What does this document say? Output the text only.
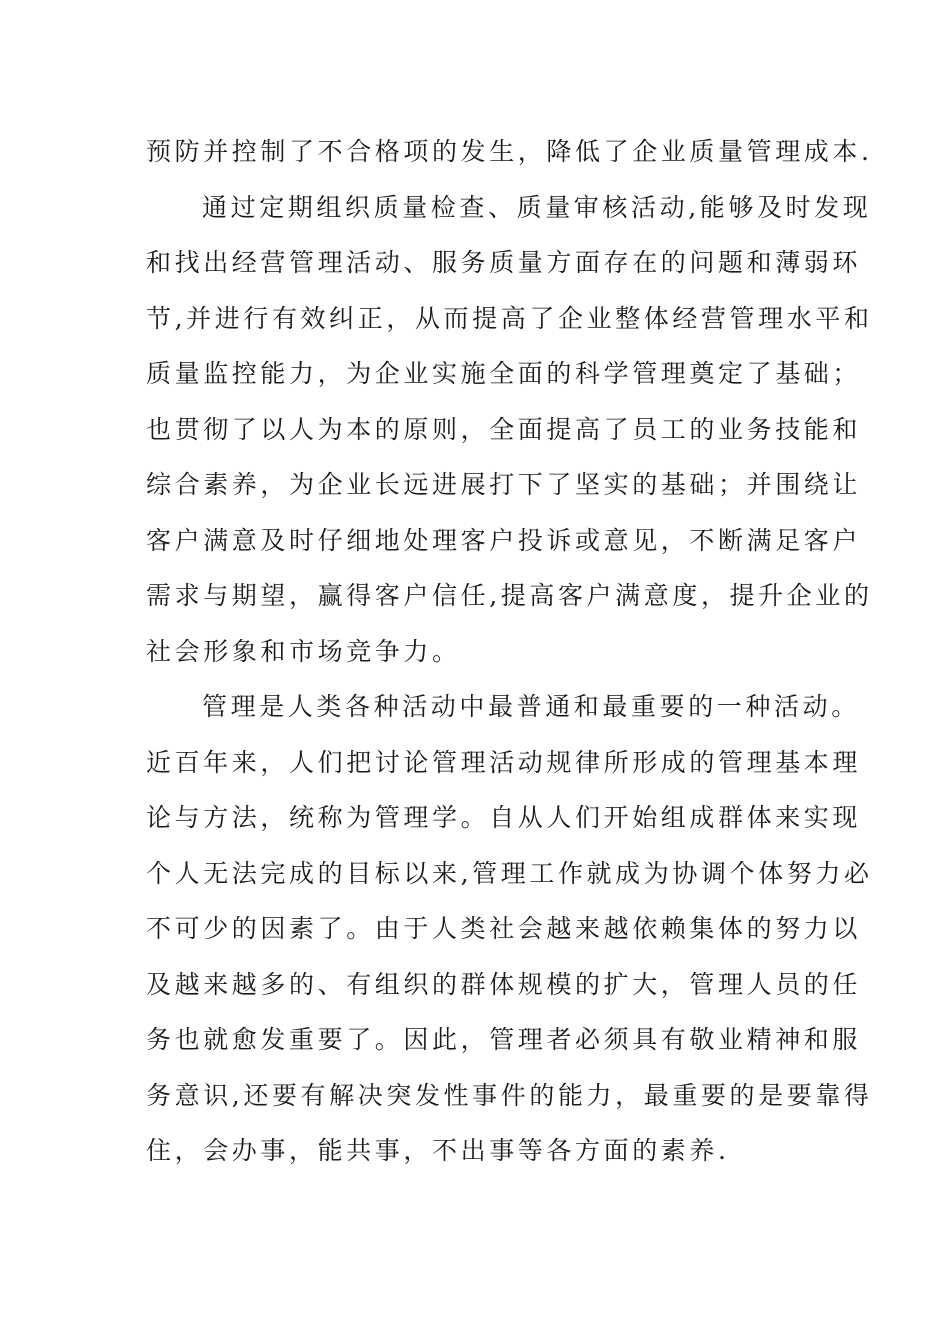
预防并控制了不合格项的发生，降低了企业质量管理成本.
通过定期组织质量检查、质量审核活动,能够及时发现
和找出经营管理活动、服务质量方面存在的问题和薄弱环
节,并进行有效纠正，从而提高了企业整体经营管理水平和
质量监控能力，为企业实施全面的科学管理奠定了基础；
也贯彻了以人为本的原则，全面提高了员工的业务技能和
综合素养，为企业长远进展打下了坚实的基础；并围绕让
客户满意及时仔细地处理客户投诉或意见，不断满足客户
需求与期望，赢得客户信任,提高客户满意度，提升企业的
社会形象和市场竞争力。
管理是人类各种活动中最普通和最重要的一种活动。
近百年来，人们把讨论管理活动规律所形成的管理基本理
论与方法，统称为管理学。自从人们开始组成群体来实现
个人无法完成的目标以来,管理工作就成为协调个体努力必
不可少的因素了。由于人类社会越来越依赖集体的努力以
及越来越多的、有组织的群体规模的扩大，管理人员的任
务也就愈发重要了。因此，管理者必须具有敬业精神和服
务意识,还要有解决突发性事件的能力，最重要的是要靠得
住，会办事，能共事，不出事等各方面的素养.
